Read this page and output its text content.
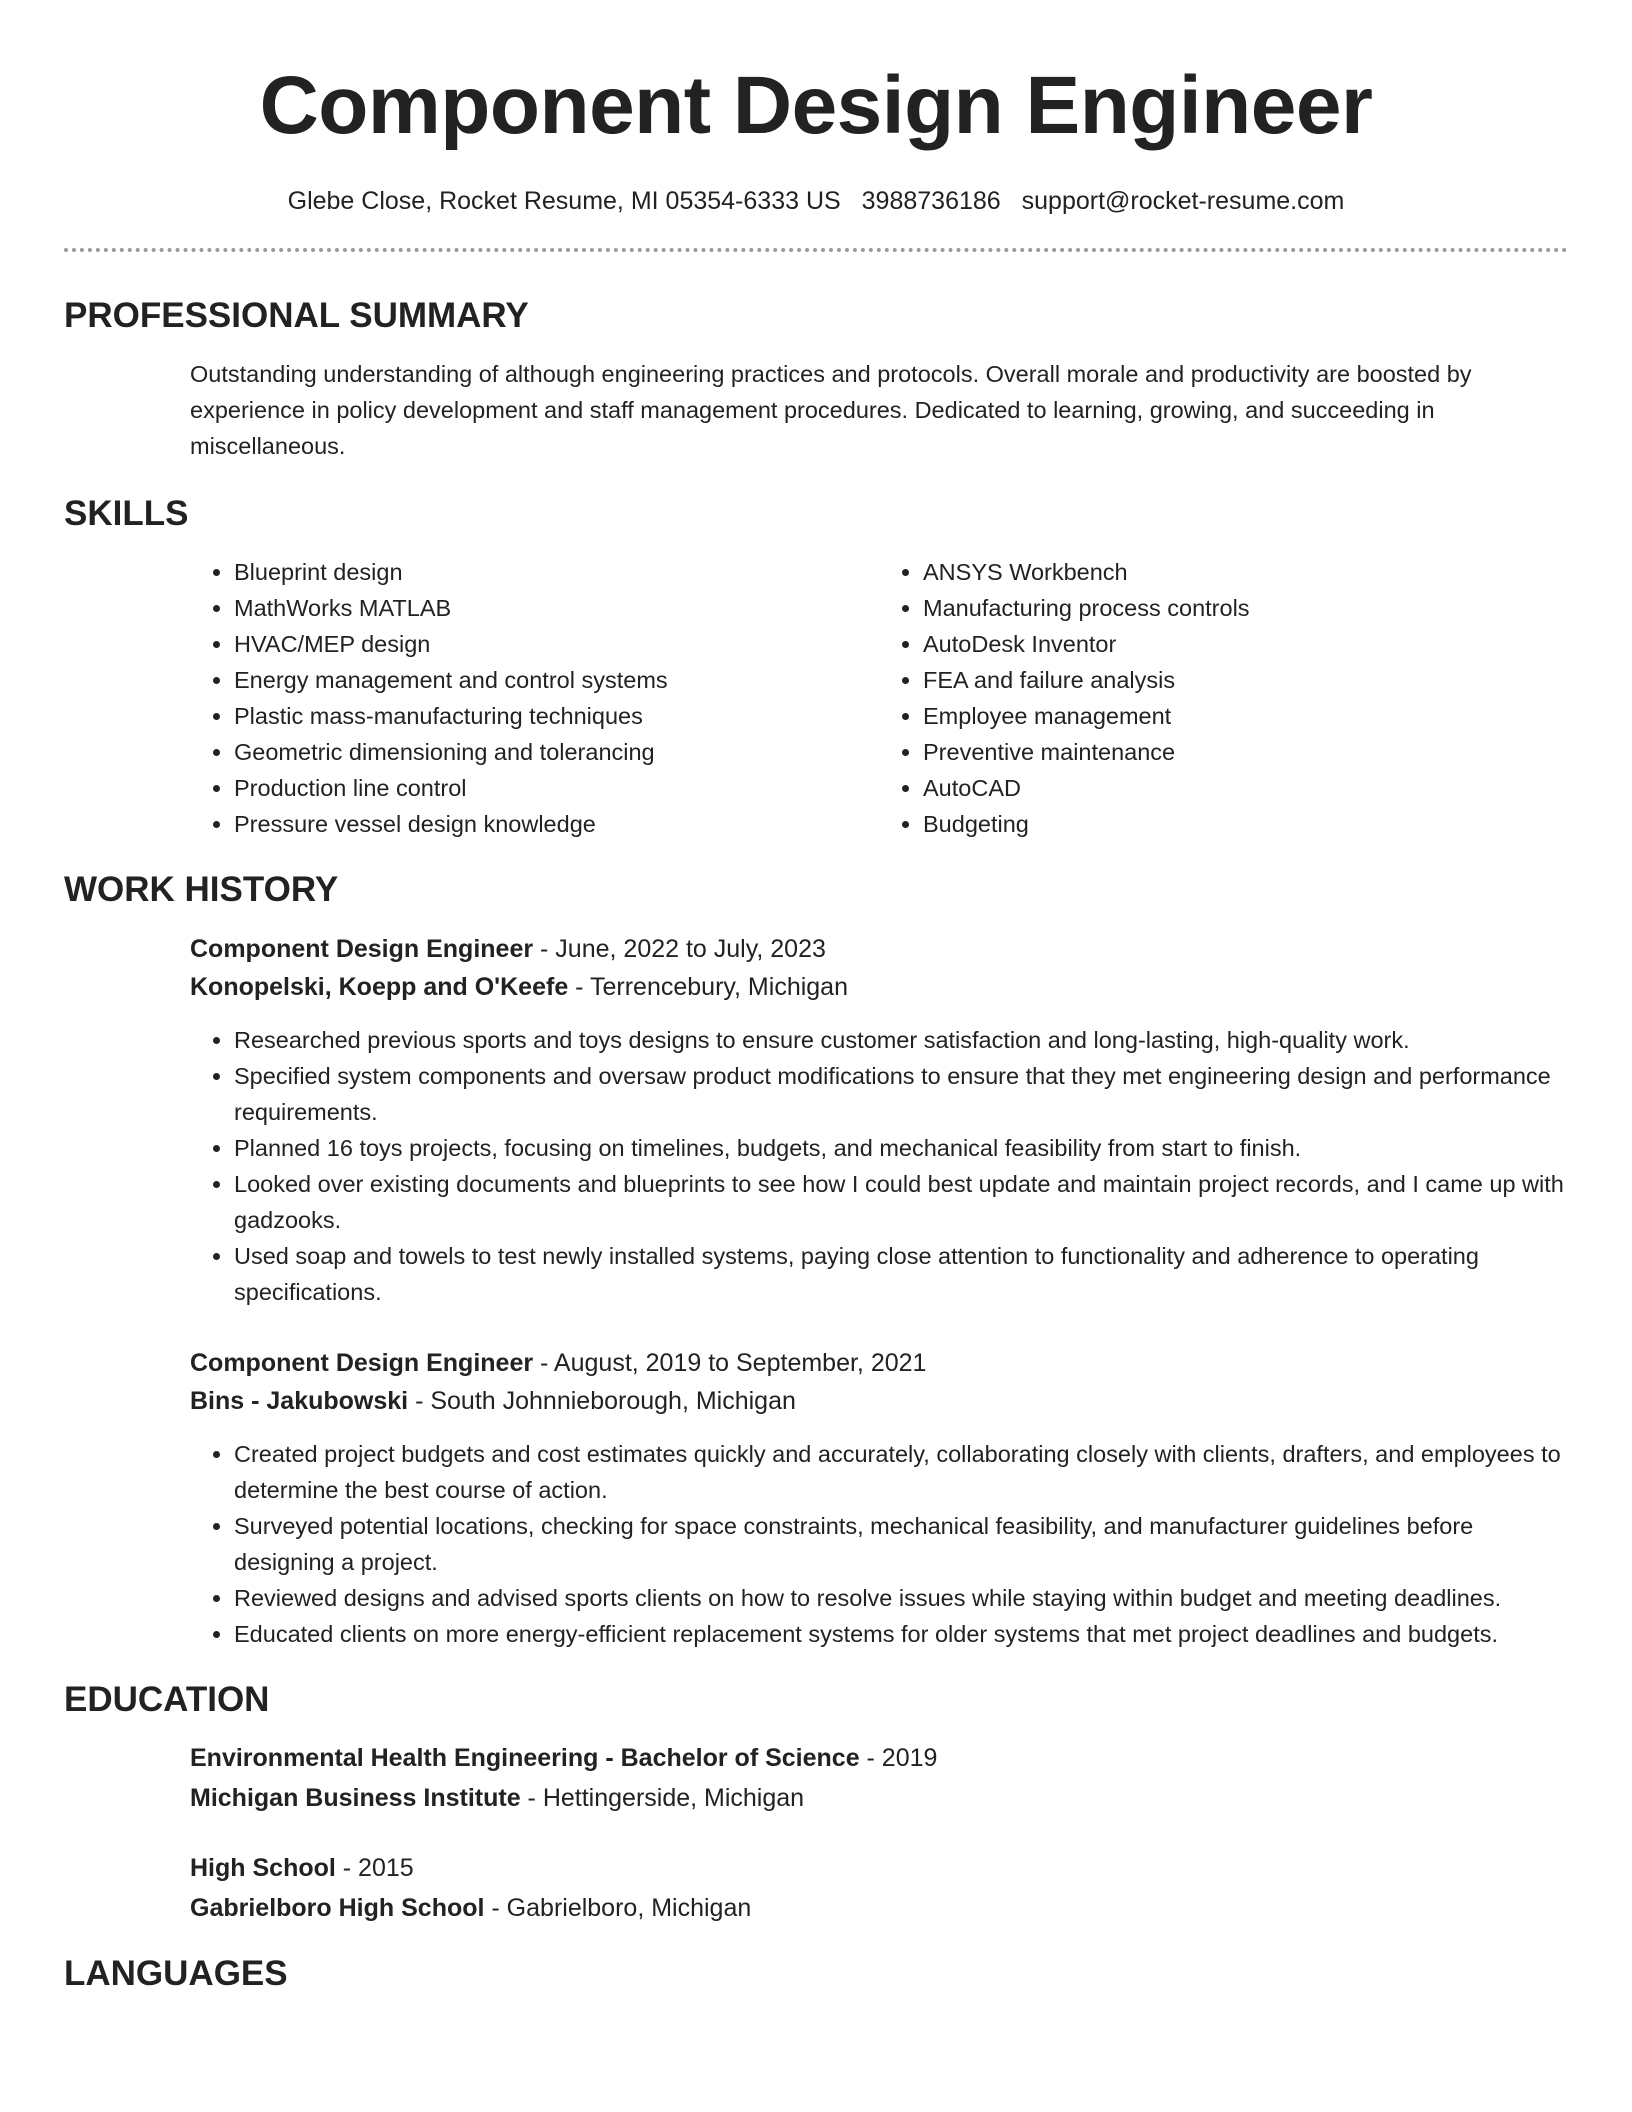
Component Design Engineer
Glebe Close, Rocket Resume, MI 05354-6333 US 3988736186 support@rocket-resume.com
PROFESSIONAL SUMMARY

Outstanding understanding of although engineering practices and protocols. Overall morale and productivity are boosted by experience in policy development and staff management procedures. Dedicated to learning, growing, and succeeding in miscellaneous.

SKILLS
• Blueprint design
• MathWorks MATLAB
• HVAC/MEP design
• Energy management and control systems
• Plastic mass-manufacturing techniques
• Geometric dimensioning and tolerancing
• Production line control
• Pressure vessel design knowledge
• ANSYS Workbench
• Manufacturing process controls
• AutoDesk Inventor
• FEA and failure analysis
• Employee management
• Preventive maintenance
• AutoCAD
• Budgeting
WORK HISTORY
Component Design Engineer - June, 2022 to July, 2023
Konopelski, Koepp and O'Keefe - Terrencebury, Michigan
• Researched previous sports and toys designs to ensure customer satisfaction and long-lasting, high-quality work.
• Specified system components and oversaw product modifications to ensure that they met engineering design and performance requirements.
• Planned 16 toys projects, focusing on timelines, budgets, and mechanical feasibility from start to finish.
• Looked over existing documents and blueprints to see how I could best update and maintain project records, and I came up with gadzooks.
• Used soap and towels to test newly installed systems, paying close attention to functionality and adherence to operating specifications.
Component Design Engineer - August, 2019 to September, 2021
Bins - Jakubowski - South Johnnieborough, Michigan
• Created project budgets and cost estimates quickly and accurately, collaborating closely with clients, drafters, and employees to determine the best course of action.
• Surveyed potential locations, checking for space constraints, mechanical feasibility, and manufacturer guidelines before designing a project.
• Reviewed designs and advised sports clients on how to resolve issues while staying within budget and meeting deadlines.
• Educated clients on more energy-efficient replacement systems for older systems that met project deadlines and budgets.
EDUCATION
Environmental Health Engineering - Bachelor of Science - 2019
Michigan Business Institute - Hettingerside, Michigan
High School - 2015
Gabrielboro High School - Gabrielboro, Michigan
LANGUAGES
